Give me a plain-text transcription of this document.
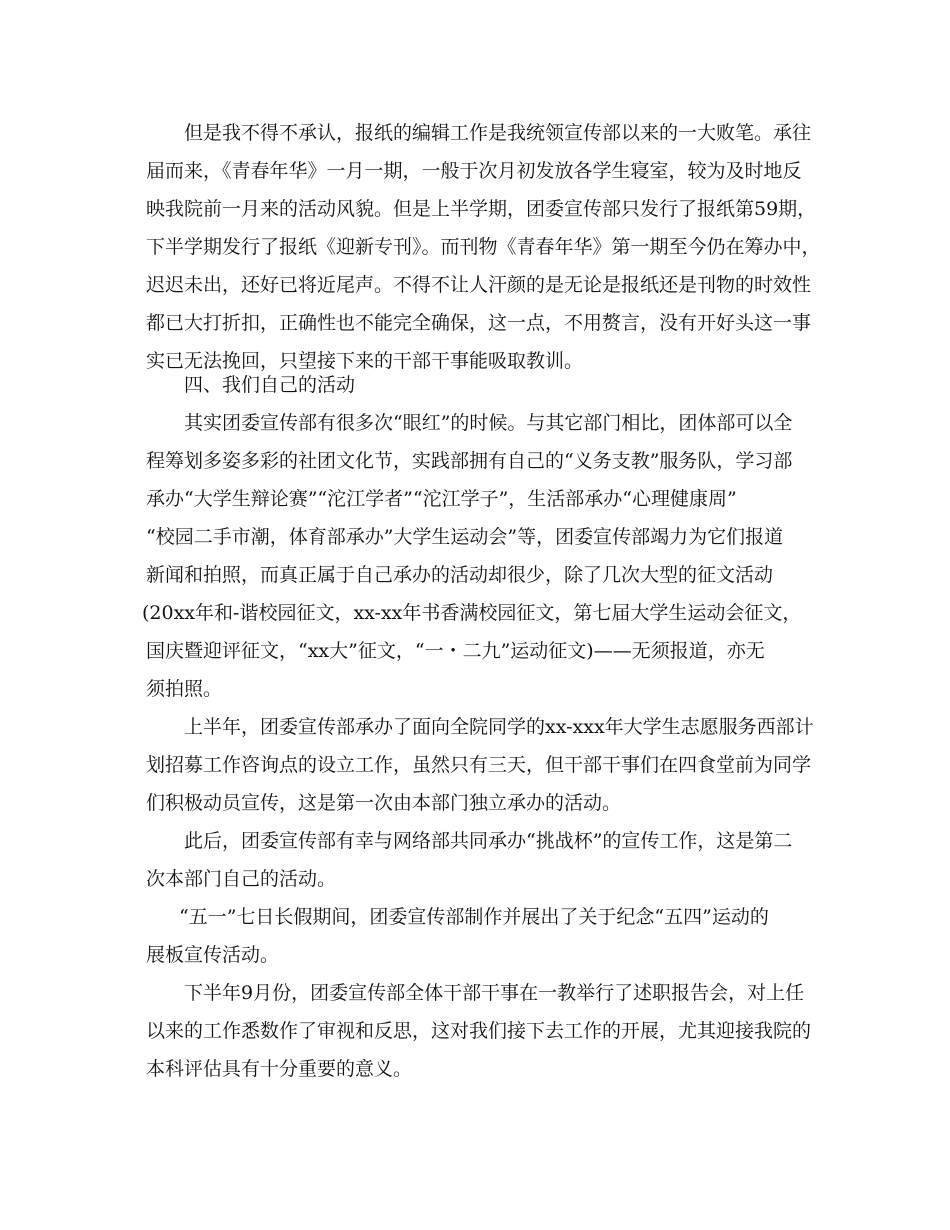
但是我不得不承认，报纸的编辑工作是我统领宣传部以来的一大败笔。承往
届而来，《青春年华》一月一期，一般于次月初发放各学生寝室，较为及时地反
映我院前一月来的活动风貌。但是上半学期，团委宣传部只发行了报纸第59期，
下半学期发行了报纸《迎新专刊》。而刊物《青春年华》第一期至今仍在筹办中，
迟迟未出，还好已将近尾声。不得不让人汗颜的是无论是报纸还是刊物的时效性
都已大打折扣，正确性也不能完全确保，这一点，不用赘言，没有开好头这一事
实已无法挽回，只望接下来的干部干事能吸取教训。
四、我们自己的活动
其实团委宣传部有很多次“眼红”的时候。与其它部门相比，团体部可以全
程筹划多姿多彩的社团文化节，实践部拥有自己的“义务支教”服务队，学习部
承办“大学生辩论赛”“沱江学者”“沱江学子”，生活部承办“心理健康周”
“校园二手市潮，体育部承办”大学生运动会”等，团委宣传部竭力为它们报道
新闻和拍照，而真正属于自己承办的活动却很少，除了几次大型的征文活动
(20xx年和-谐校园征文，xx-xx年书香满校园征文，第七届大学生运动会征文，
国庆暨迎评征文，“xx大”征文，“一・二九”运动征文)——无须报道，亦无
须拍照。
上半年，团委宣传部承办了面向全院同学的xx-xxx年大学生志愿服务西部计
划招募工作咨询点的设立工作，虽然只有三天，但干部干事们在四食堂前为同学
们积极动员宣传，这是第一次由本部门独立承办的活动。
此后，团委宣传部有幸与网络部共同承办“挑战杯”的宣传工作，这是第二
次本部门自己的活动。
“五一”七日长假期间，团委宣传部制作并展出了关于纪念“五四”运动的
展板宣传活动。
下半年9月份，团委宣传部全体干部干事在一教举行了述职报告会，对上任
以来的工作悉数作了审视和反思，这对我们接下去工作的开展，尤其迎接我院的
本科评估具有十分重要的意义。
